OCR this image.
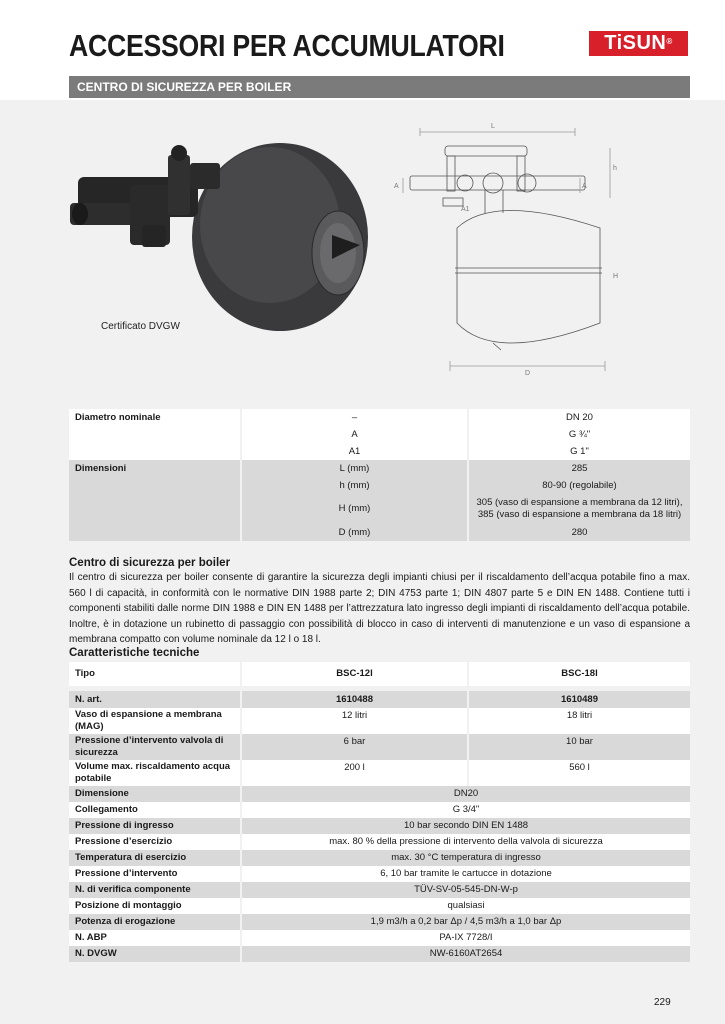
ACCESSORI PER ACCUMULATORI	TiSUN®
CENTRO DI SICUREZZA PER BOILER
Certificato DVGW
L
h
H
D
A	A
A1
Diametro nominale	–	DN 20
	A	G ¾"
	A1	G 1"
Dimensioni	L (mm)	285
	h (mm)	80-90 (regolabile)
	H (mm)	305 (vaso di espansione a membrana da 12 litri), 385 (vaso di espansione a membrana da 18 litri)
	D (mm)	280
Centro di sicurezza per boiler
Il centro di sicurezza per boiler consente di garantire la sicurezza degli impianti chiusi per il riscaldamento dell’acqua potabile fino a max. 560 l di capacità, in conformità con le normative DIN 1988 parte 2; DIN 4753 parte 1; DIN 4807 parte 5 e DIN EN 1488. Contiene tutti i componenti stabiliti dalle norme DIN 1988 e DIN EN 1488 per l’attrezzatura lato ingresso degli impianti di riscaldamento dell’acqua potabile. Inoltre, è in dotazione un rubinetto di passaggio con possibilità di blocco in caso di interventi di manutenzione e un vaso di espansione a membrana compatto con volume nominale da 12 l o 18 l.
Caratteristiche tecniche
Tipo	BSC-12l	BSC-18l

N. art.	1610488	1610489
Vaso di espansione a membrana (MAG)	12 litri	18 litri
Pressione d’intervento valvola di sicurezza	6 bar	10 bar
Volume max. riscaldamento acqua potabile	200 l	560 l
Dimensione	DN20	
Collegamento	G 3/4"	
Pressione di ingresso	10 bar secondo DIN EN 1488	
Pressione d’esercizio	max. 80 % della pressione di intervento della valvola di sicurezza	
Temperatura di esercizio	max. 30 °C temperatura di ingresso	
Pressione d’intervento	6, 10 bar tramite le cartucce in dotazione	
N. di verifica componente	TÜV-SV-05-545-DN-W-p	
Posizione di montaggio	qualsiasi	
Potenza di erogazione	1,9 m3/h a 0,2 bar Δp / 4,5 m3/h a 1,0 bar Δp	
N. ABP	PA-IX 7728/I	
N. DVGW	NW-6160AT2654	
229
